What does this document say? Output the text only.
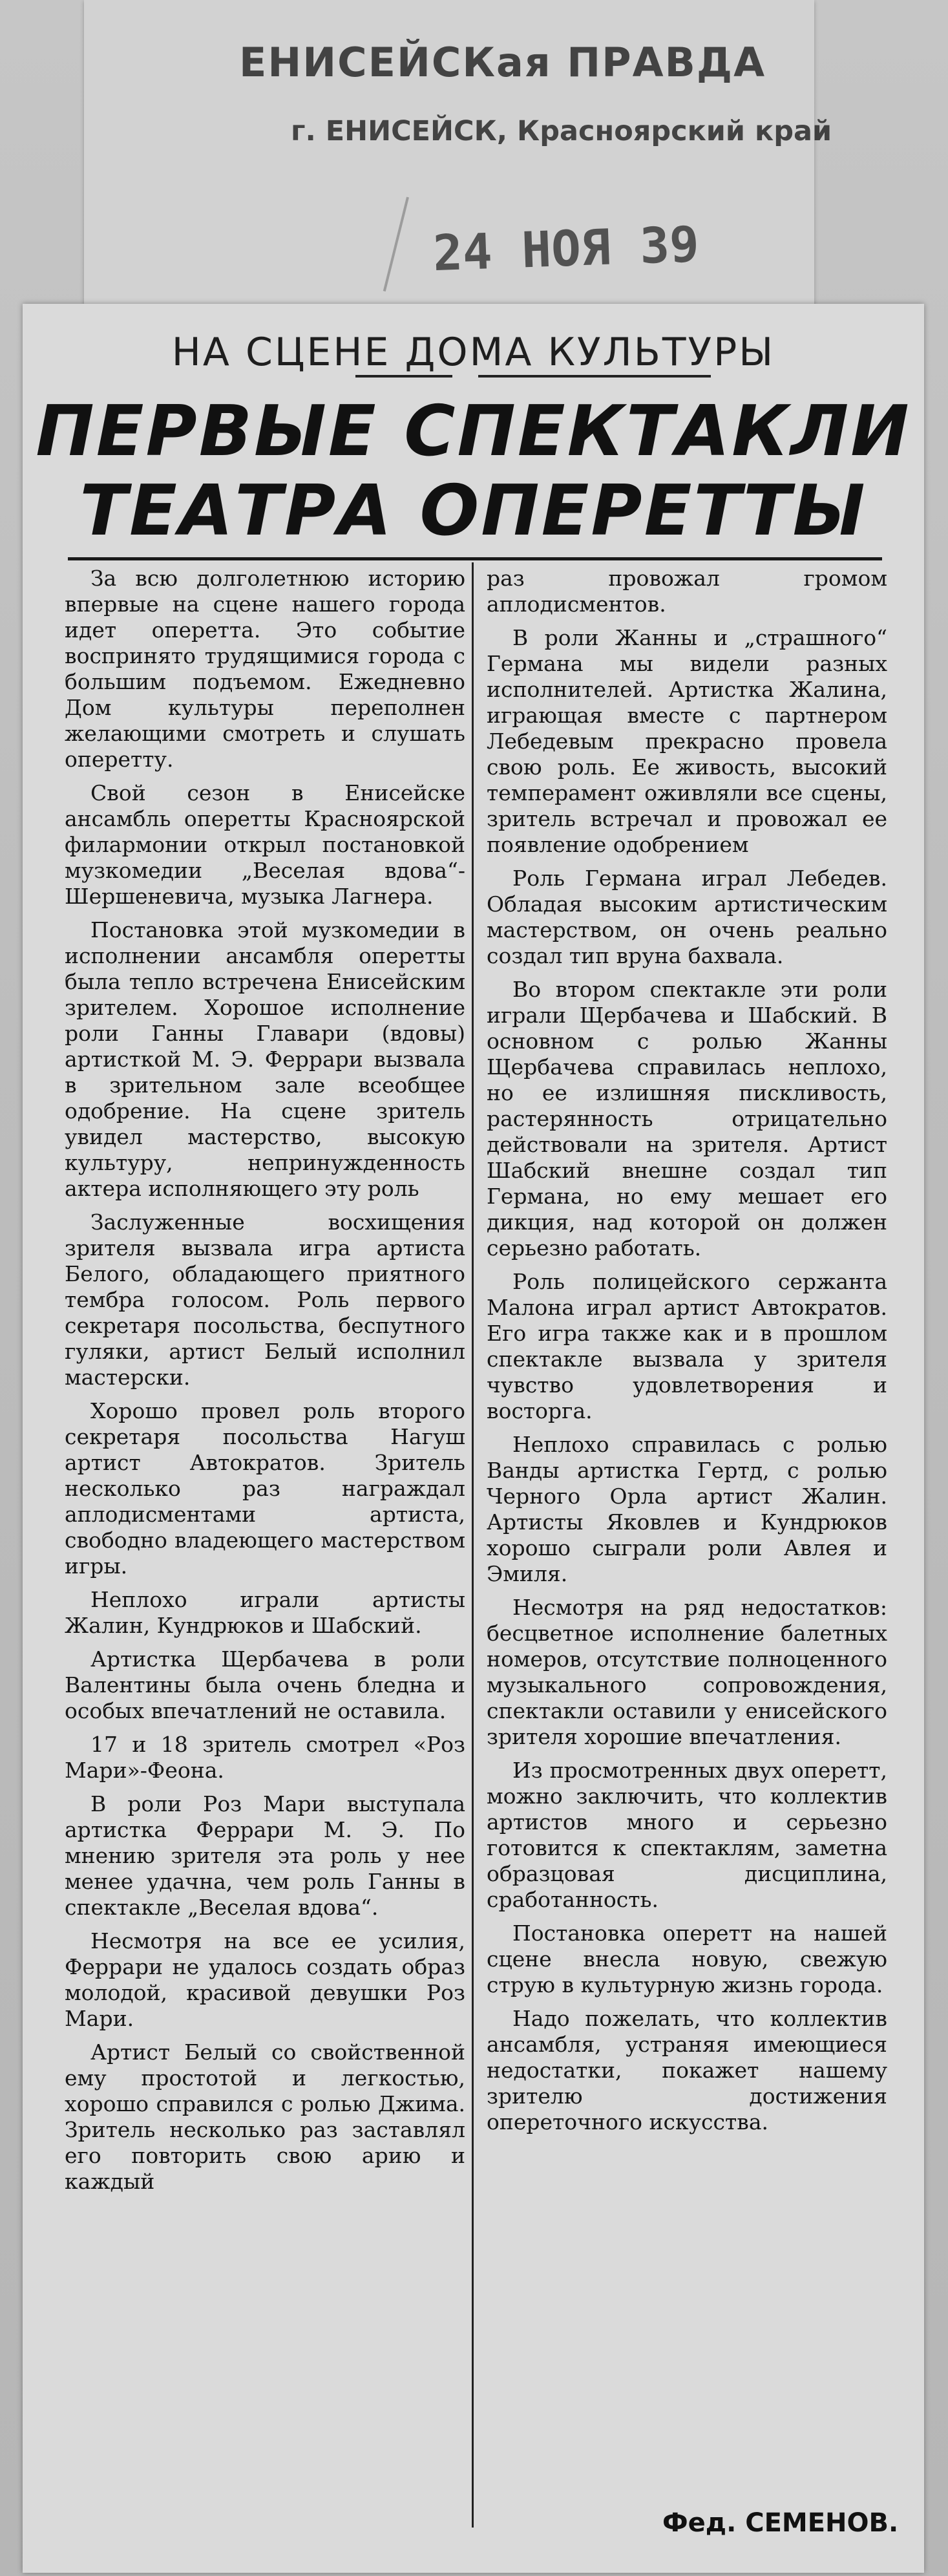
ЕНИСЕЙСКая ПРАВДА
г. ЕНИСЕЙСК, Красноярский край
24 НОЯ 39
НА СЦЕНЕ ДОМА КУЛЬТУРЫ
ПЕРВЫЕ СПЕКТАКЛИ
ТЕАТРА ОПЕРЕТТЫ

За всю долголетнюю историю впервые на сцене нашего города идет оперетта. Это событие воспринято трудящимися города с большим подъемом. Ежедневно Дом культуры переполнен желающими смотреть и слушать оперетту.

Свой сезон в Енисейске ансамбль оперетты Красноярской филармонии открыл постановкой музкомедии „Веселая вдова“-Шершеневича, музыка Лагнера.

Постановка этой музкомедии в исполнении ансамбля оперетты была тепло встречена Енисейским зрителем. Хорошое исполнение роли Ганны Главари (вдовы) артисткой М. Э. Феррари вызвала в зрительном зале всеобщее одобрение. На сцене зритель увидел мастерство, высокую культуру, непринужденность актера исполняющего эту роль

Заслуженные восхищения зрителя вызвала игра артиста Белого, обладающего приятного тембра голосом. Роль первого секретаря посольства, беспутного гуляки, артист Белый исполнил мастерски.

Хорошо провел роль второго секретаря посольства Нагуш артист Автократов. Зритель несколько раз награждал аплодисментами артиста, свободно владеющего мастерством игры.

Неплохо играли артисты Жалин, Кундрюков и Шабский.

Артистка Щербачева в роли Валентины была очень бледна и особых впечатлений не оставила.

17 и 18 зритель смотрел «Роз Мари»-Феона.

В роли Роз Мари выступала артистка Феррари М. Э. По мнению зрителя эта роль у нее менее удачна, чем роль Ганны в спектакле „Веселая вдова“.

Несмотря на все ее усилия, Феррари не удалось создать образ молодой, красивой девушки Роз Мари.

Артист Белый со свойственной ему простотой и легкостью, хорошо справился с ролью Джима. Зритель несколько раз заставлял его повторить свою арию и каждый

раз провожал громом аплодисментов.

В роли Жанны и „страшного“ Германа мы видели разных исполнителей. Артистка Жалина, играющая вместе с партнером Лебедевым прекрасно провела свою роль. Ее живость, высокий темперамент оживляли все сцены, зритель встречал и провожал ее появление одобрением

Роль Германа играл Лебедев. Обладая высоким артистическим мастерством, он очень реально создал тип вруна бахвала.

Во втором спектакле эти роли играли Щербачева и Шабский. В основном с ролью Жанны Щербачева справилась неплохо, но ее излишняя пискливость, растерянность отрицательно действовали на зрителя. Артист Шабский внешне создал тип Германа, но ему мешает его дикция, над которой он должен серьезно работать.

Роль полицейского сержанта Малона играл артист Автократов. Его игра также как и в прошлом спектакле вызвала у зрителя чувство удовлетворения и восторга.

Неплохо справилась с ролью Ванды артистка Гертд, с ролью Черного Орла артист Жалин. Артисты Яковлев и Кундрюков хорошо сыграли роли Авлея и Эмиля.

Несмотря на ряд недостатков: бесцветное исполнение балетных номеров, отсутствие полноценного музыкального сопровождения, спектакли оставили у енисейского зрителя хорошие впечатления.

Из просмотренных двух оперетт, можно заключить, что коллектив артистов много и серьезно готовится к спектаклям, заметна образцовая дисциплина, сработанность.

Постановка оперетт на нашей сцене внесла новую, свежую струю в культурную жизнь города.

Надо пожелать, что коллектив ансамбля, устраняя имеющиеся недостатки, покажет нашему зрителю достижения опереточного искусства.

Фед. СЕМЕНОВ.
